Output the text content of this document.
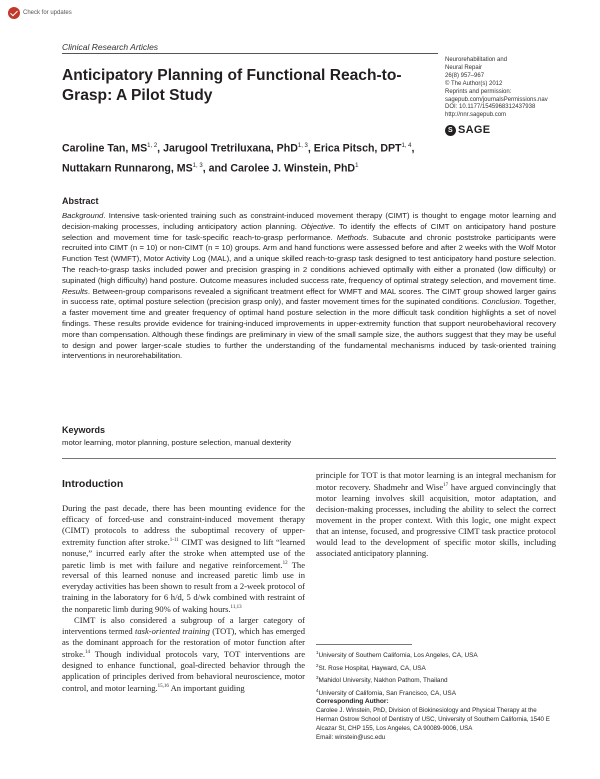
Check for updates
Clinical Research Articles
Anticipatory Planning of Functional Reach-to-Grasp: A Pilot Study
Neurorehabilitation and
Neural Repair
26(8) 957–967
© The Author(s) 2012
Reprints and permission:
sagepub.com/journalsPermissions.nav
DOI: 10.1177/1545968312437938
http://nnr.sagepub.com
S SAGE
Caroline Tan, MS$^{1, 2}$, Jarugool Tretriluxana, PhD$^{1, 3}$, Erica Pitsch, DPT$^{1, 4}$, Nuttakarn Runnarong, MS$^{1, 3}$, and Carolee J. Winstein, PhD$^1$
Abstract
Background. Intensive task-oriented training such as constraint-induced movement therapy (CIMT) is thought to engage motor learning and decision-making processes, including anticipatory action planning. Objective. To identify the effects of CIMT on anticipatory hand posture selection and movement time for task-specific reach-to-grasp performance. Methods. Subacute and chronic poststroke participants were recruited into CIMT (n = 10) or non-CIMT (n = 10) groups. Arm and hand functions were assessed before and after 2 weeks with the Wolf Motor Function Test (WMFT), Motor Activity Log (MAL), and a unique skilled reach-to-grasp task designed to test anticipatory hand posture selection. The reach-to-grasp tasks included power and precision grasping in 2 conditions achieved optimally with either a pronated (low difficulty) or supinated (high difficulty) hand posture. Outcome measures included success rate, frequency of optimal strategy selection, and movement time. Results. Between-group comparisons revealed a significant treatment effect for WMFT and MAL scores. The CIMT group showed larger gains in success rate, optimal posture selection (precision grasp only), and faster movement times for the supinated conditions. Conclusion. Together, a faster movement time and greater frequency of optimal hand posture selection in the more difficult task condition highlights a set of novel findings. These results provide evidence for training-induced improvements in upper-extremity function that support neurobehavioral recovery more than compensation. Although these findings are preliminary in view of the small sample size, the authors suggest that they may be useful to design and power larger-scale studies to further the understanding of the fundamental mechanisms induced by task-oriented training interventions in neurorehabilitation.
Keywords
motor learning, motor planning, posture selection, manual dexterity
Introduction

During the past decade, there has been mounting evidence for the efficacy of forced-use and constraint-induced movement therapy (CIMT) protocols to address the suboptimal recovery of upper-extremity function after stroke.$^{1-11}$ CIMT was designed to lift “learned nonuse,” incurred early after the stroke when attempted use of the paretic limb is met with failure and negative reinforcement.$^{12}$ The reversal of this learned nonuse and increased paretic limb use in everyday activities has been shown to result from a 2-week protocol of training in the laboratory for 6 h/d, 5 d/wk combined with restraint of the nonparetic limb during 90% of waking hours.$^{11,13}$

CIMT is also considered a subgroup of a larger category of interventions termed task-oriented training (TOT), which has emerged as the dominant approach for the restoration of motor function after stroke.$^{14}$ Though individual protocols vary, TOT interventions are designed to enhance functional, goal-directed behavior through the application of principles derived from behavioral neuroscience, motor control, and motor learning.$^{15,16}$ An important guiding

principle for TOT is that motor learning is an integral mechanism for motor recovery. Shadmehr and Wise$^{17}$ have argued convincingly that motor learning involves skill acquisition, motor adaptation, and decision-making processes, including the ability to select the correct movement in the proper context. With this logic, one might expect that an intense, focused, and progressive CIMT task practice protocol would lead to the development of specific motor skills, including associated anticipatory planning.

$^1$University of Southern California, Los Angeles, CA, USA
$^2$St. Rose Hospital, Hayward, CA, USA
$^3$Mahidol University, Nakhon Pathom, Thailand
$^4$University of California, San Francisco, CA, USA
Corresponding Author:
Carolee J. Winstein, PhD, Division of Biokinesiology and Physical Therapy at the Herman Ostrow School of Dentistry of USC, University of Southern California, 1540 E Alcazar St, CHP 155, Los Angeles, CA 90089-9006, USA
Email: winstein@usc.edu
